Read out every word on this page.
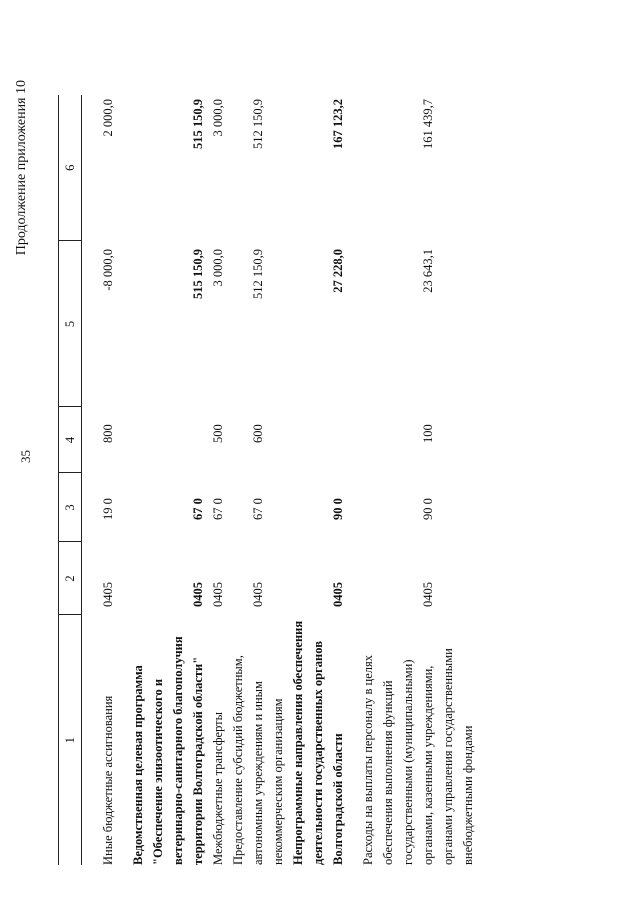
35
Продолжение приложения 10
1	2	3	4	5	6
Иные бюджетные ассигнования	0405	19 0	800	-8 000,0	2 000,0

Ведомственная целевая программа "Обеспечение эпизоотического и ветеринарно-санитарного благополучия территории Волгоградской области"	0405	67 0		515 150,9	515 150,9
Межбюджетные трансферты	0405	67 0	500	3 000,0	3 000,0
Предоставление субсидий бюджетным, автономным учреждениям и иным некоммерческим организациям	0405	67 0	600	512 150,9	512 150,9
Непрограммные направления обеспечения деятельности государственных органов Волгоградской области	0405	90 0		27 228,0	167 123,2

Расходы на выплаты персоналу в целях обеспечения выполнения функций государственными (муниципальными) органами, казенными учреждениями, органами управления государственными внебюджетными фондами	0405	90 0	100	23 643,1	161 439,7
